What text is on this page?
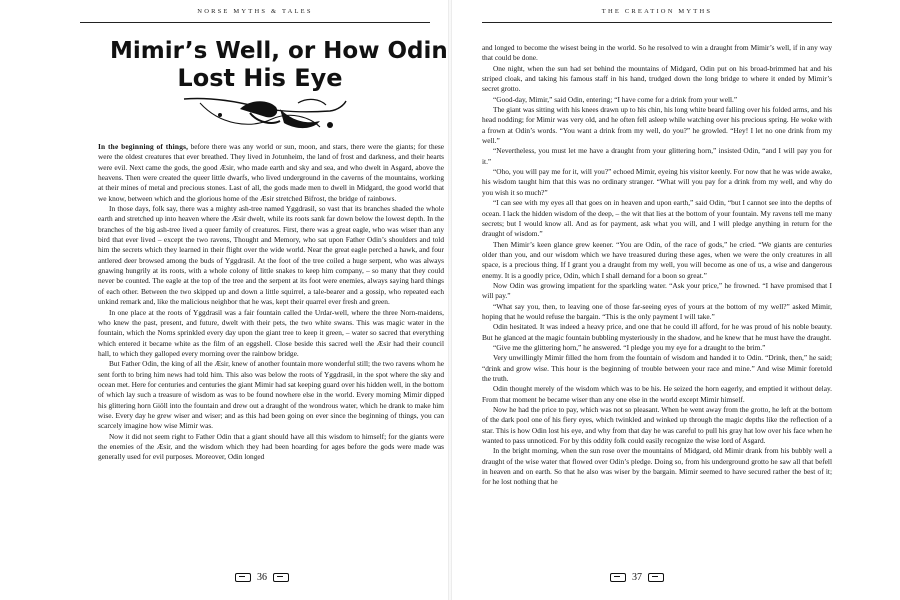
NORSE MYTHS & TALES
Mimir’s Well, or How Odin
Lost His Eye

In the beginning of things, before there was any world or sun, moon, and stars, there were the giants; for these were the oldest creatures that ever breathed. They lived in Jotunheim, the land of frost and darkness, and their hearts were evil. Next came the gods, the good Æsir, who made earth and sky and sea, and who dwelt in Asgard, above the heavens. Then were created the queer little dwarfs, who lived underground in the caverns of the mountains, working at their mines of metal and precious stones. Last of all, the gods made men to dwell in Midgard, the good world that we know, between which and the glorious home of the Æsir stretched Bifrost, the bridge of rainbows.

In those days, folk say, there was a mighty ash-tree named Yggdrasil, so vast that its branches shaded the whole earth and stretched up into heaven where the Æsir dwelt, while its roots sank far down below the lowest depth. In the branches of the big ash-tree lived a queer family of creatures. First, there was a great eagle, who was wiser than any bird that ever lived – except the two ravens, Thought and Memory, who sat upon Father Odin’s shoulders and told him the secrets which they learned in their flight over the wide world. Near the great eagle perched a hawk, and four antlered deer browsed among the buds of Yggdrasil. At the foot of the tree coiled a huge serpent, who was always gnawing hungrily at its roots, with a whole colony of little snakes to keep him company, – so many that they could never be counted. The eagle at the top of the tree and the serpent at its foot were enemies, always saying hard things of each other. Between the two skipped up and down a little squirrel, a tale-bearer and a gossip, who repeated each unkind remark and, like the malicious neighbor that he was, kept their quarrel ever fresh and green.

In one place at the roots of Yggdrasil was a fair fountain called the Urdar-well, where the three Norn-maidens, who knew the past, present, and future, dwelt with their pets, the two white swans. This was magic water in the fountain, which the Norns sprinkled every day upon the giant tree to keep it green, – water so sacred that everything which entered it became white as the film of an eggshell. Close beside this sacred well the Æsir had their council hall, to which they galloped every morning over the rainbow bridge.

But Father Odin, the king of all the Æsir, knew of another fountain more wonderful still; the two ravens whom he sent forth to bring him news had told him. This also was below the roots of Yggdrasil, in the spot where the sky and ocean met. Here for centuries and centuries the giant Mimir had sat keeping guard over his hidden well, in the bottom of which lay such a treasure of wisdom as was to be found nowhere else in the world. Every morning Mimir dipped his glittering horn Giöll into the fountain and drew out a draught of the wondrous water, which he drank to make him wise. Every day he grew wiser and wiser; and as this had been going on ever since the beginning of things, you can scarcely imagine how wise Mimir was.

Now it did not seem right to Father Odin that a giant should have all this wisdom to himself; for the giants were the enemies of the Æsir, and the wisdom which they had been hoarding for ages before the gods were made was generally used for evil purposes. Moreover, Odin longed

36
THE CREATION MYTHS

and longed to become the wisest being in the world. So he resolved to win a draught from Mimir’s well, if in any way that could be done.

One night, when the sun had set behind the mountains of Midgard, Odin put on his broad-brimmed hat and his striped cloak, and taking his famous staff in his hand, trudged down the long bridge to where it ended by Mimir’s secret grotto.

“Good-day, Mimir,” said Odin, entering; “I have come for a drink from your well.”

The giant was sitting with his knees drawn up to his chin, his long white beard falling over his folded arms, and his head nodding; for Mimir was very old, and he often fell asleep while watching over his precious spring. He woke with a frown at Odin’s words. “You want a drink from my well, do you?” he growled. “Hey! I let no one drink from my well.”

“Nevertheless, you must let me have a draught from your glittering horn,” insisted Odin, “and I will pay you for it.”

“Oho, you will pay me for it, will you?” echoed Mimir, eyeing his visitor keenly. For now that he was wide awake, his wisdom taught him that this was no ordinary stranger. “What will you pay for a drink from my well, and why do you wish it so much?”

“I can see with my eyes all that goes on in heaven and upon earth,” said Odin, “but I cannot see into the depths of ocean. I lack the hidden wisdom of the deep, – the wit that lies at the bottom of your fountain. My ravens tell me many secrets; but I would know all. And as for payment, ask what you will, and I will pledge anything in return for the draught of wisdom.”

Then Mimir’s keen glance grew keener. “You are Odin, of the race of gods,” he cried. “We giants are centuries older than you, and our wisdom which we have treasured during these ages, when we were the only creatures in all space, is a precious thing. If I grant you a draught from my well, you will become as one of us, a wise and dangerous enemy. It is a goodly price, Odin, which I shall demand for a boon so great.”

Now Odin was growing impatient for the sparkling water. “Ask your price,” he frowned. “I have promised that I will pay.”

“What say you, then, to leaving one of those far-seeing eyes of yours at the bottom of my well?” asked Mimir, hoping that he would refuse the bargain. “This is the only payment I will take.”

Odin hesitated. It was indeed a heavy price, and one that he could ill afford, for he was proud of his noble beauty. But he glanced at the magic fountain bubbling mysteriously in the shadow, and he knew that he must have the draught.

“Give me the glittering horn,” he answered. “I pledge you my eye for a draught to the brim.”

Very unwillingly Mimir filled the horn from the fountain of wisdom and handed it to Odin. “Drink, then,” he said; “drink and grow wise. This hour is the beginning of trouble between your race and mine.” And wise Mimir foretold the truth.

Odin thought merely of the wisdom which was to be his. He seized the horn eagerly, and emptied it without delay. From that moment he became wiser than any one else in the world except Mimir himself.

Now he had the price to pay, which was not so pleasant. When he went away from the grotto, he left at the bottom of the dark pool one of his fiery eyes, which twinkled and winked up through the magic depths like the reflection of a star. This is how Odin lost his eye, and why from that day he was careful to pull his gray hat low over his face when he wanted to pass unnoticed. For by this oddity folk could easily recognize the wise lord of Asgard.

In the bright morning, when the sun rose over the mountains of Midgard, old Mimir drank from his bubbly well a draught of the wise water that flowed over Odin’s pledge. Doing so, from his underground grotto he saw all that befell in heaven and on earth. So that he also was wiser by the bargain. Mimir seemed to have secured rather the best of it; for he lost nothing that he

37
